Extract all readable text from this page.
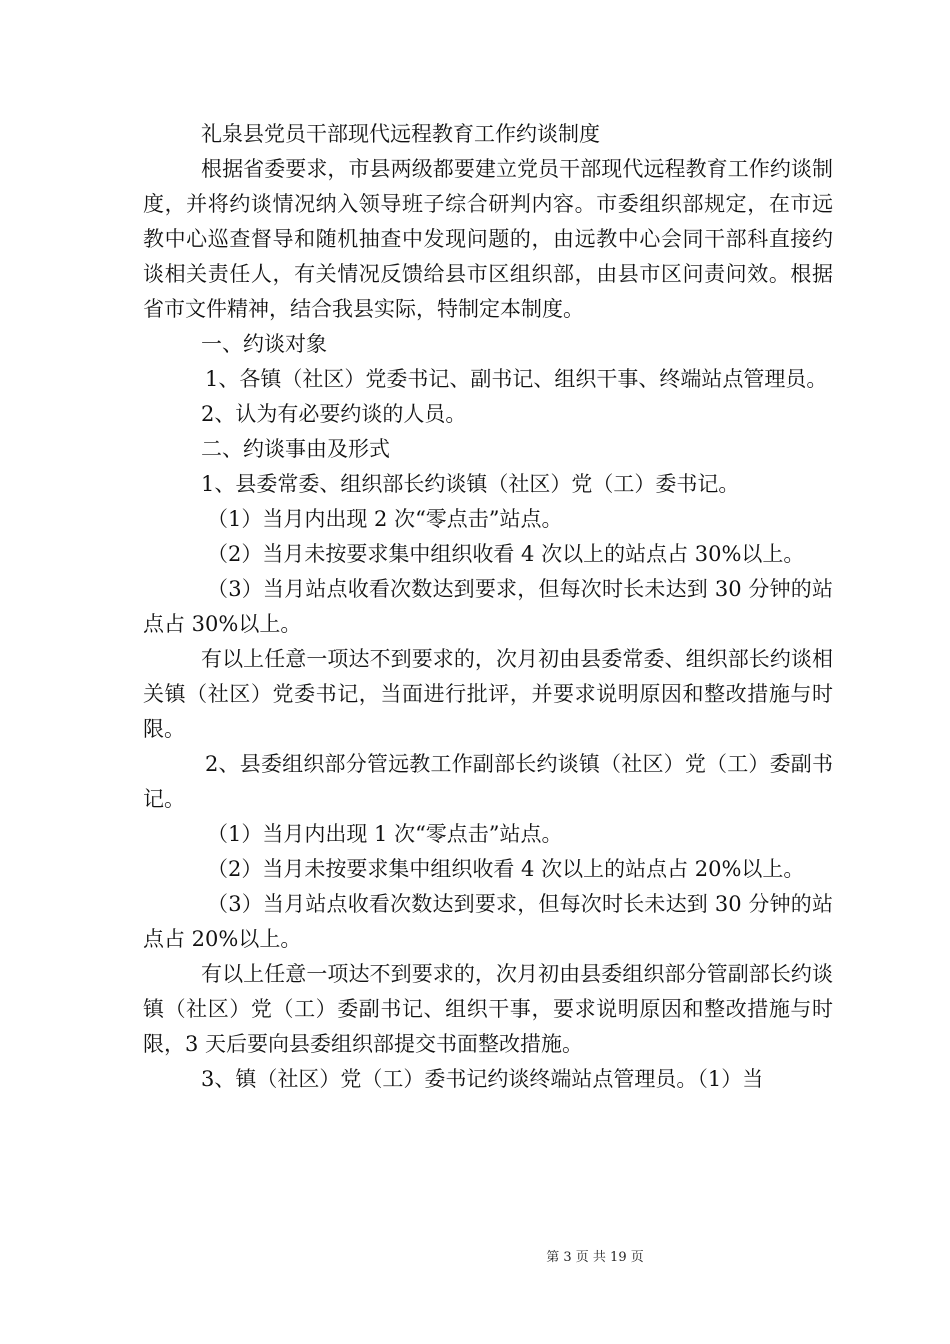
礼泉县党员干部现代远程教育工作约谈制度

根据省委要求，市县两级都要建立党员干部现代远程教育工作约谈制度，并将约谈情况纳入领导班子综合研判内容。市委组织部规定，在市远教中心巡查督导和随机抽查中发现问题的，由远教中心会同干部科直接约谈相关责任人，有关情况反馈给县市区组织部，由县市区问责问效。根据省市文件精神，结合我县实际，特制定本制度。

一、约谈对象

1、各镇（社区）党委书记、副书记、组织干事、终端站点管理员。

2、认为有必要约谈的人员。

二、约谈事由及形式

1、县委常委、组织部长约谈镇（社区）党（工）委书记。

（1）当月内出现 2 次“零点击”站点。

（2）当月未按要求集中组织收看 4 次以上的站点占 30%以上。

（3）当月站点收看次数达到要求，但每次时长未达到 30 分钟的站点占 30%以上。

有以上任意一项达不到要求的，次月初由县委常委、组织部长约谈相关镇（社区）党委书记，当面进行批评，并要求说明原因和整改措施与时限。

2、县委组织部分管远教工作副部长约谈镇（社区）党（工）委副书记。

（1）当月内出现 1 次“零点击”站点。

（2）当月未按要求集中组织收看 4 次以上的站点占 20%以上。

（3）当月站点收看次数达到要求，但每次时长未达到 30 分钟的站点占 20%以上。

有以上任意一项达不到要求的，次月初由县委组织部分管副部长约谈镇（社区）党（工）委副书记、组织干事，要求说明原因和整改措施与时限，3 天后要向县委组织部提交书面整改措施。

3、镇（社区）党（工）委书记约谈终端站点管理员。（1）当

第 3 页 共 19 页
